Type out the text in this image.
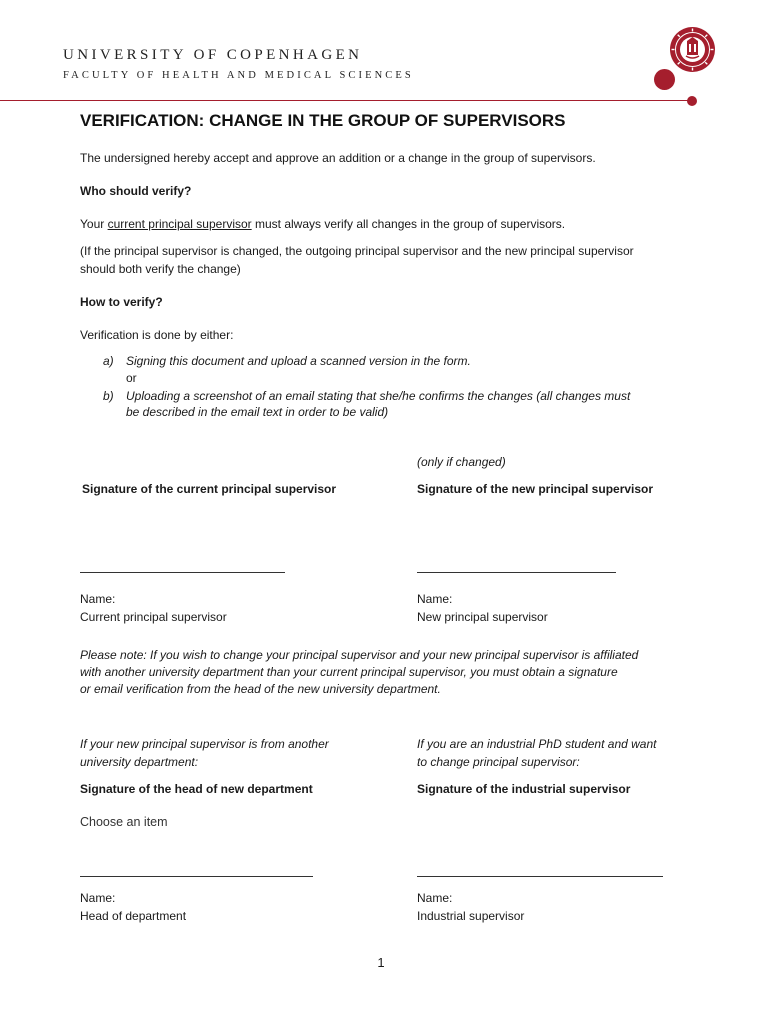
UNIVERSITY OF COPENHAGEN
FACULTY OF HEALTH AND MEDICAL SCIENCES
VERIFICATION: CHANGE IN THE GROUP OF SUPERVISORS
The undersigned hereby accept and approve an addition or a change in the group of supervisors.
Who should verify?
Your current principal supervisor must always verify all changes in the group of supervisors.
(If the principal supervisor is changed, the outgoing principal supervisor and the new principal supervisor
should both verify the change)
How to verify?
Verification is done by either:
a) Signing this document and upload a scanned version in the form.
or
b) Uploading a screenshot of an email stating that she/he confirms the changes (all changes must
be described in the email text in order to be valid)
(only if changed)
Signature of the current principal supervisor	Signature of the new principal supervisor
Name:
Current principal supervisor
Name:
New principal supervisor
Please note: If you wish to change your principal supervisor and your new principal supervisor is affiliated
with another university department than your current principal supervisor, you must obtain a signature
or email verification from the head of the new university department.
If your new principal supervisor is from another
university department:
If you are an industrial PhD student and want
to change principal supervisor:
Signature of the head of new department	Signature of the industrial supervisor
Choose an item
Name:
Head of department
Name:
Industrial supervisor
1
